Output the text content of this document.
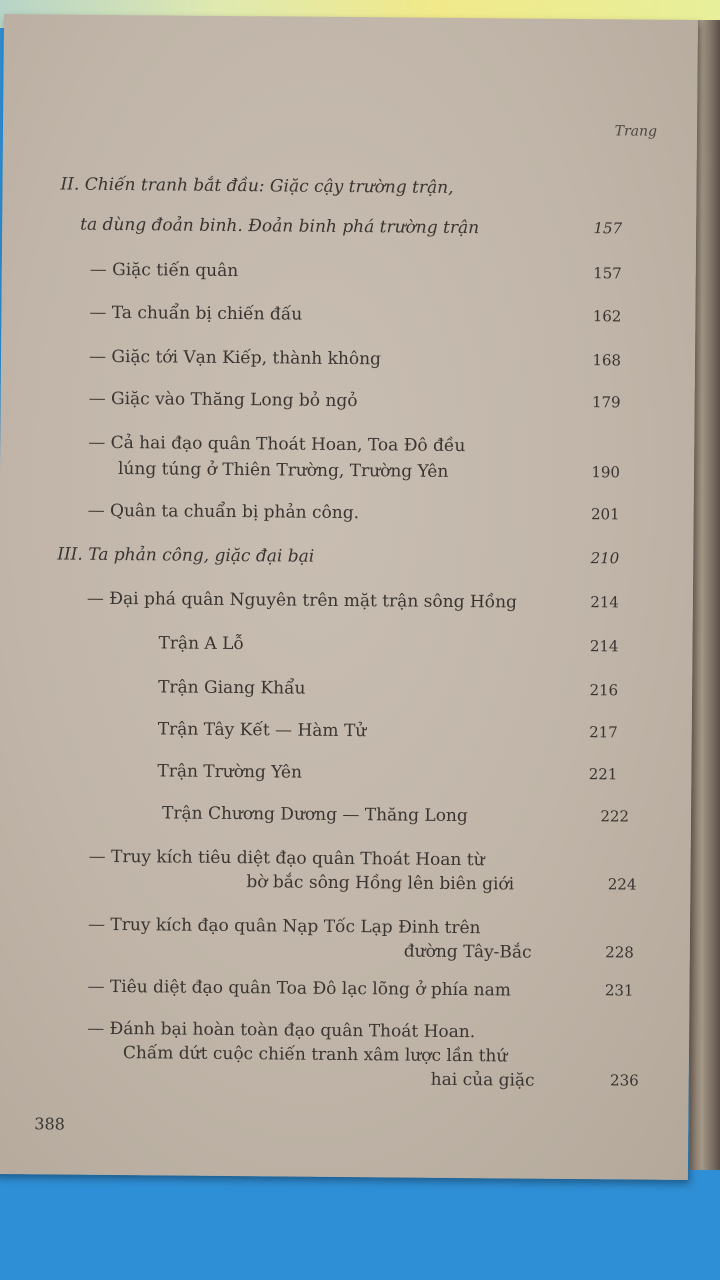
Trang
II. Chiến tranh bắt đầu: Giặc cậy trường trận,
ta dùng đoản binh. Đoản binh phá trường trận	157
— Giặc tiến quân	157
— Ta chuẩn bị chiến đấu	162
— Giặc tới Vạn Kiếp, thành không	168
— Giặc vào Thăng Long bỏ ngỏ	179
— Cả hai đạo quân Thoát Hoan, Toa Đô đều
lúng túng ở Thiên Trường, Trường Yên	190
— Quân ta chuẩn bị phản công.	201
III. Ta phản công, giặc đại bại	210
— Đại phá quân Nguyên trên mặt trận sông Hồng	214
Trận A Lỗ	214
Trận Giang Khẩu	216
Trận Tây Kết — Hàm Tử	217
Trận Trường Yên	221
Trận Chương Dương — Thăng Long	222
— Truy kích tiêu diệt đạo quân Thoát Hoan từ
bờ bắc sông Hồng lên biên giới	224
— Truy kích đạo quân Nạp Tốc Lạp Đinh trên
đường Tây-Bắc	228
— Tiêu diệt đạo quân Toa Đô lạc lõng ở phía nam	231
— Đánh bại hoàn toàn đạo quân Thoát Hoan.
Chấm dứt cuộc chiến tranh xâm lược lần thứ
hai của giặc	236
388
